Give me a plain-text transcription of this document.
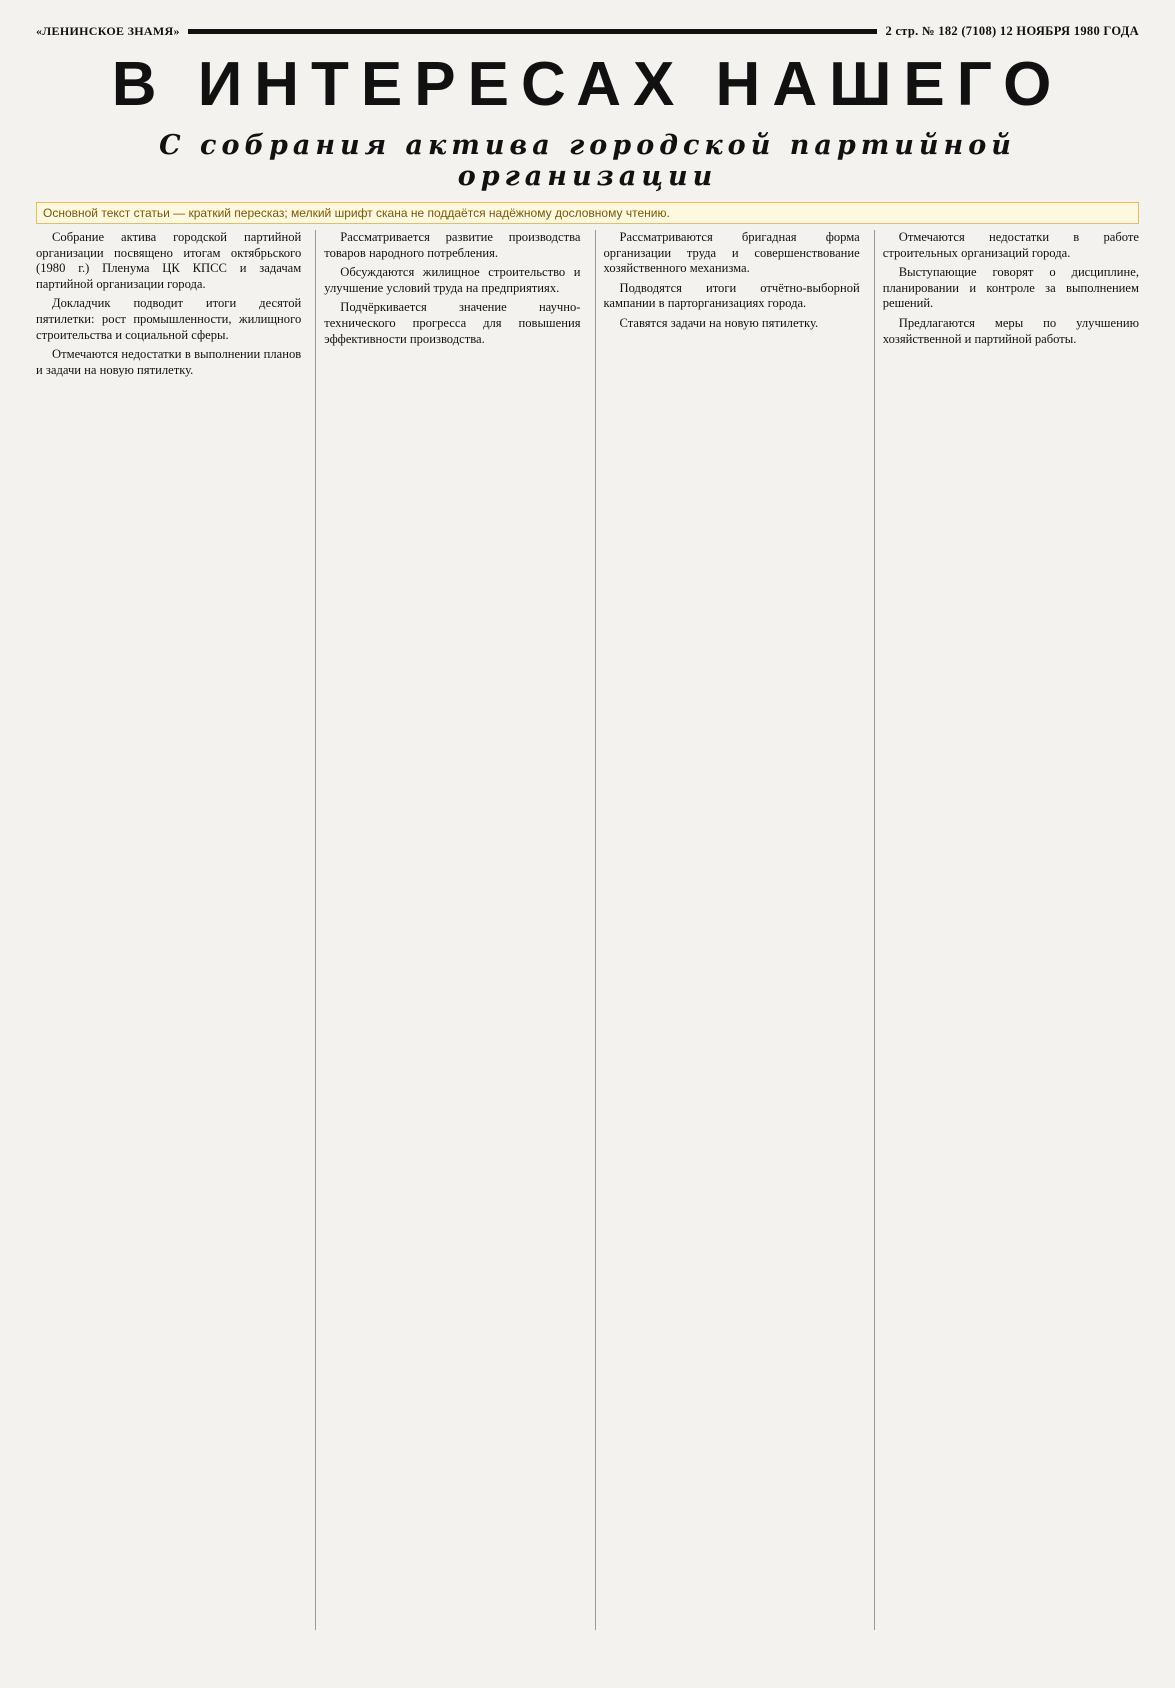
«ЛЕНИНСКОЕ ЗНАМЯ»	2 стр. № 182 (7108) 12 НОЯБРЯ 1980 ГОДА
В ИНТЕРЕСАХ НАШЕГО
С собрания актива городской партийной организации
Основной текст статьи — краткий пересказ; мелкий шрифт скана не поддаётся надёжному дословному чтению.

Собрание актива городской партийной организации посвящено итогам октябрьского (1980 г.) Пленума ЦК КПСС и задачам партийной организации города.

Докладчик подводит итоги десятой пятилетки: рост промышленности, жилищного строительства и социальной сферы.

Отмечаются недостатки в выполнении планов и задачи на новую пятилетку.

Рассматривается развитие производства товаров народного потребления.

Обсуждаются жилищное строительство и улучшение условий труда на предприятиях.

Подчёркивается значение научно-технического прогресса для повышения эффективности производства.

Рассматриваются бригадная форма организации труда и совершенствование хозяйственного механизма.

Подводятся итоги отчётно-выборной кампании в парторганизациях города.

Ставятся задачи на новую пятилетку.

Отмечаются недостатки в работе строительных организаций города.

Выступающие говорят о дисциплине, планировании и контроле за выполнением решений.

Предлагаются меры по улучшению хозяйственной и партийной работы.
